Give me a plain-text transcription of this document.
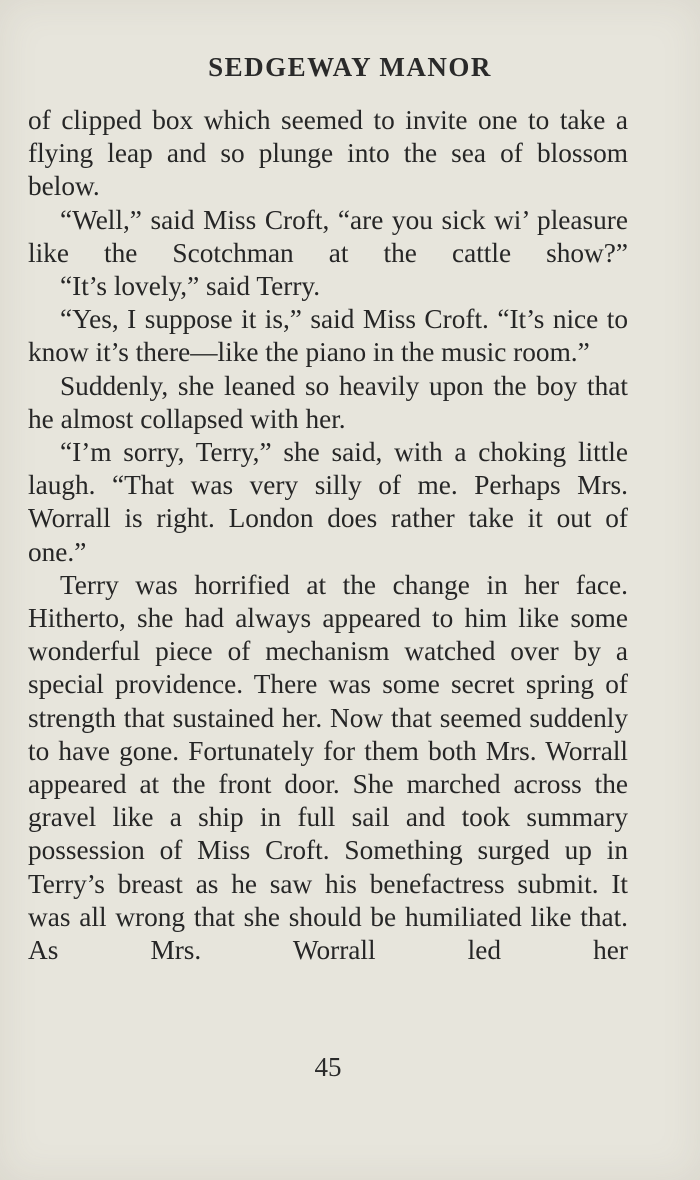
SEDGEWAY MANOR

of clipped box which seemed to invite one to take a flying leap and so plunge into the sea of blossom below.

“Well,” said Miss Croft, “are you sick wi’ pleasure like the Scotchman at the cattle show?”

“It’s lovely,” said Terry.

“Yes, I suppose it is,” said Miss Croft. “It’s nice to know it’s there—like the piano in the music room.”

Suddenly, she leaned so heavily upon the boy that he almost collapsed with her.

“I’m sorry, Terry,” she said, with a choking little laugh. “That was very silly of me. Perhaps Mrs. Worrall is right. London does rather take it out of one.”

Terry was horrified at the change in her face. Hitherto, she had always appeared to him like some wonderful piece of mechanism watched over by a special providence. There was some secret spring of strength that sustained her. Now that seemed suddenly to have gone. Fortunately for them both Mrs. Worrall appeared at the front door. She marched across the gravel like a ship in full sail and took summary possession of Miss Croft. Something surged up in Terry’s breast as he saw his benefactress submit. It was all wrong that she should be humiliated like that. As Mrs. Worrall led her

45
